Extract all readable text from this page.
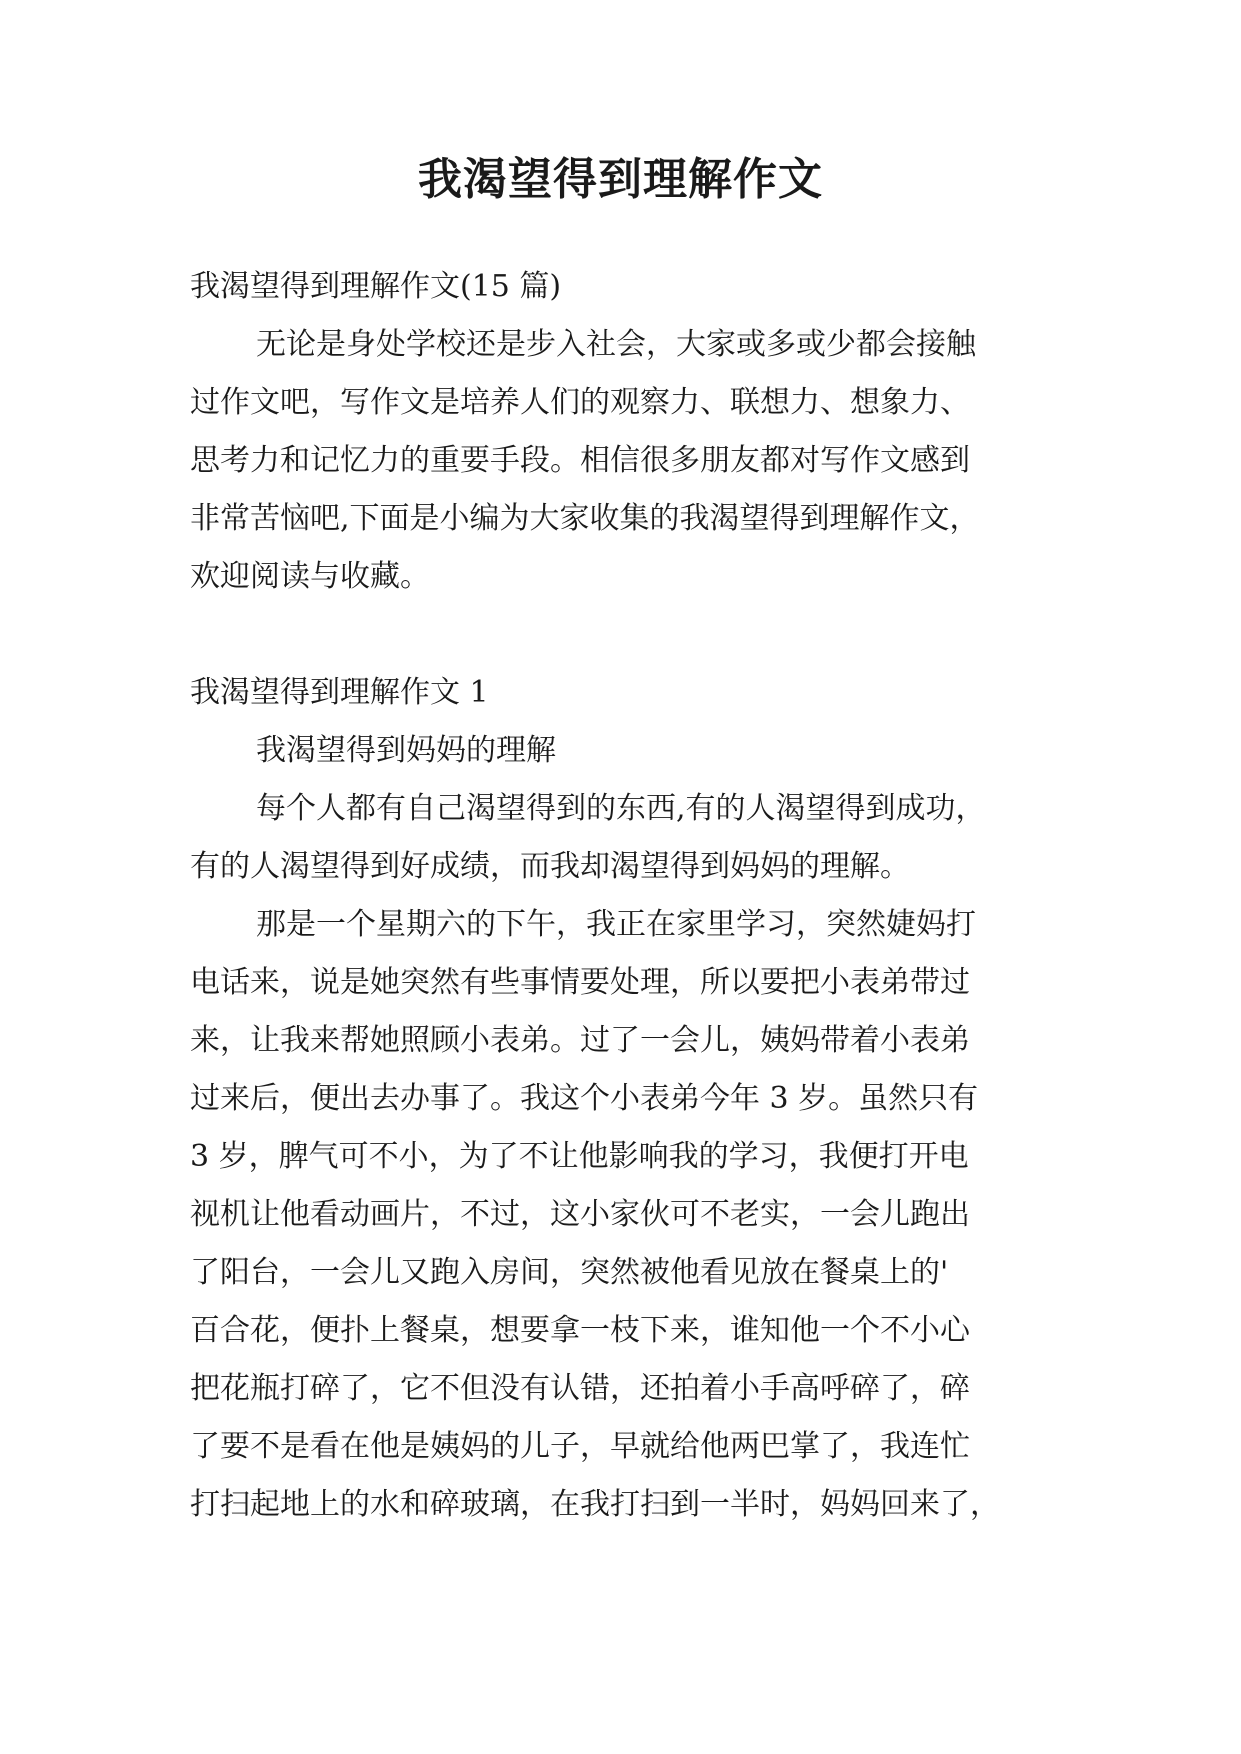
我渴望得到理解作文
我渴望得到理解作文(15 篇)
无论是身处学校还是步入社会，大家或多或少都会接触
过作文吧，写作文是培养人们的观察力、联想力、想象力、
思考力和记忆力的重要手段。相信很多朋友都对写作文感到
非常苦恼吧,下面是小编为大家收集的我渴望得到理解作文，
欢迎阅读与收藏。
我渴望得到理解作文 1
我渴望得到妈妈的理解
每个人都有自己渴望得到的东西,有的人渴望得到成功，
有的人渴望得到好成绩，而我却渴望得到妈妈的理解。
那是一个星期六的下午，我正在家里学习，突然婕妈打
电话来，说是她突然有些事情要处理，所以要把小表弟带过
来，让我来帮她照顾小表弟。过了一会儿，姨妈带着小表弟
过来后，便出去办事了。我这个小表弟今年 3 岁。虽然只有
3 岁，脾气可不小，为了不让他影响我的学习，我便打开电
视机让他看动画片，不过，这小家伙可不老实，一会儿跑出
了阳台，一会儿又跑入房间，突然被他看见放在餐桌上的'
百合花，便扑上餐桌，想要拿一枝下来，谁知他一个不小心
把花瓶打碎了，它不但没有认错，还拍着小手高呼碎了，碎
了要不是看在他是姨妈的儿子，早就给他两巴掌了，我连忙
打扫起地上的水和碎玻璃，在我打扫到一半时，妈妈回来了，
